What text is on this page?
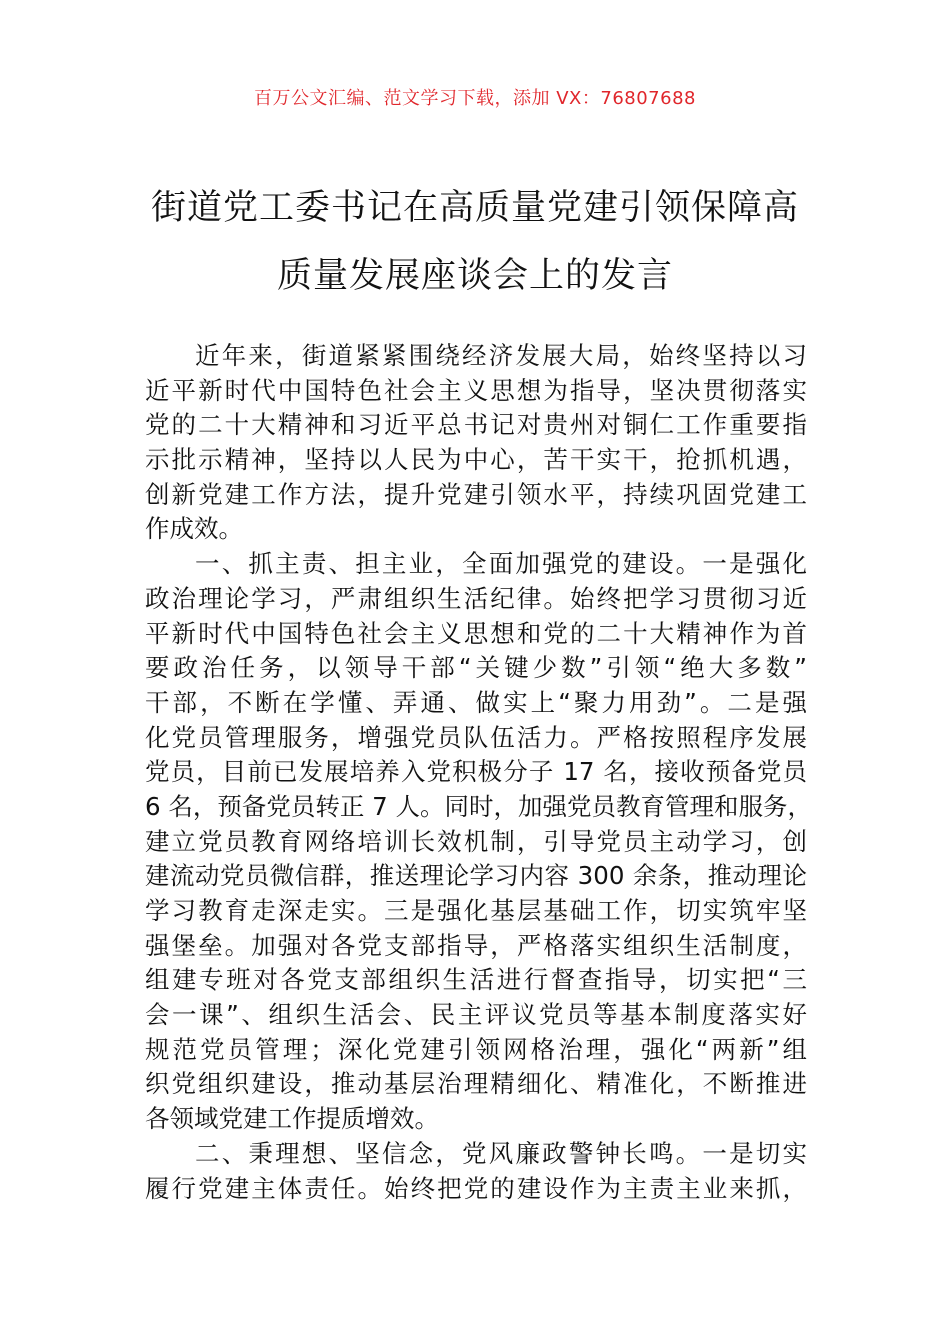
百万公文汇编、范文学习下载，添加 VX：76807688
街道党工委书记在高质量党建引领保障高
质量发展座谈会上的发言
近年来，街道紧紧围绕经济发展大局，始终坚持以习
近平新时代中国特色社会主义思想为指导，坚决贯彻落实
党的二十大精神和习近平总书记对贵州对铜仁工作重要指
示批示精神，坚持以人民为中心，苦干实干，抢抓机遇，
创新党建工作方法，提升党建引领水平，持续巩固党建工
作成效。
一、抓主责、担主业，全面加强党的建设。一是强化
政治理论学习，严肃组织生活纪律。始终把学习贯彻习近
平新时代中国特色社会主义思想和党的二十大精神作为首
要政治任务，以领导干部“关键少数”引领“绝大多数”
干部，不断在学懂、弄通、做实上“聚力用劲”。二是强
化党员管理服务，增强党员队伍活力。严格按照程序发展
党员，目前已发展培养入党积极分子 17 名，接收预备党员
6 名，预备党员转正 7 人。同时，加强党员教育管理和服务，
建立党员教育网络培训长效机制，引导党员主动学习，创
建流动党员微信群，推送理论学习内容 300 余条，推动理论
学习教育走深走实。三是强化基层基础工作，切实筑牢坚
强堡垒。加强对各党支部指导，严格落实组织生活制度，
组建专班对各党支部组织生活进行督查指导，切实把“三
会一课”、组织生活会、民主评议党员等基本制度落实好
规范党员管理；深化党建引领网格治理，强化“两新”组
织党组织建设，推动基层治理精细化、精准化，不断推进
各领域党建工作提质增效。
二、秉理想、坚信念，党风廉政警钟长鸣。一是切实
履行党建主体责任。始终把党的建设作为主责主业来抓，
